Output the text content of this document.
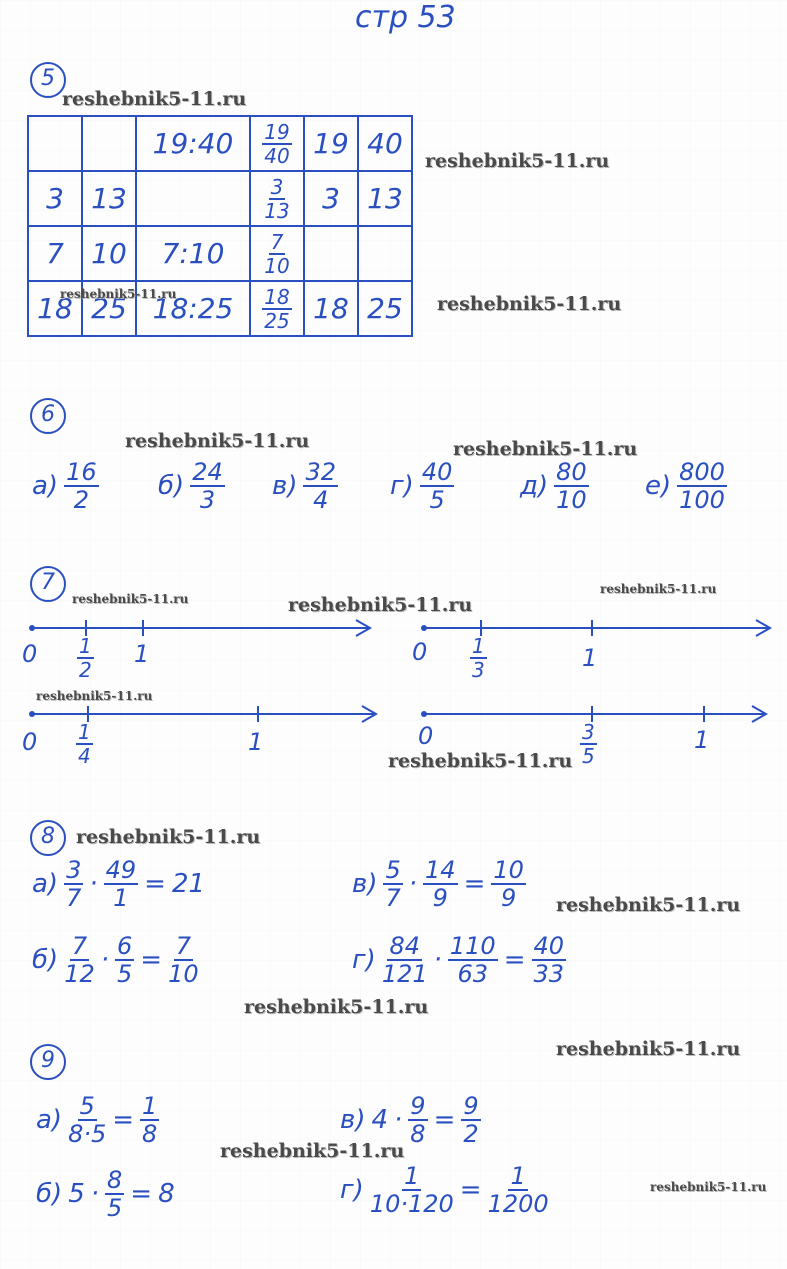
стр 53
5
reshebnik5-11.ru
		19:40	$\frac{19}{40}$	19	40
3	13		$\frac{3}{13}$	3	13
7	10	7:10	$\frac{7}{10}$

18	25	18:25	$\frac{18}{25}$	18	25
reshebnik5-11.ru
reshebnik5-11.ru	reshebnik5-11.ru
6
reshebnik5-11.ru	reshebnik5-11.ru
$а) \frac{16}{2} б) \frac{24}{3} в) \frac{32}{4} г) \frac{40}{5}$	$д) \frac{80}{10} е) \frac{800}{100}$
7
reshebnik5-11.ru	reshebnik5-11.ru
reshebnik5-11.ru
reshebnik5-11.ru
reshebnik5-11.ru
$0 \frac{1}{2} 1$	$0 \frac{1}{3}$	1
$0 \frac{1}{4}$	1	0	$\frac{3}{5}$	1
8	reshebnik5-11.ru
$а) \frac{3}{7} \cdot \frac{49}{1} = 21$	$в) \frac{5}{7} \cdot \frac{14}{9} = \frac{10}{9}$ reshebnik5-11.ru
$б) \frac{7}{12} \cdot \frac{6}{5} = \frac{7}{10}$	$г) \frac{84}{121} \cdot \frac{110}{63} = \frac{40}{33}$
reshebnik5-11.ru
9	reshebnik5-11.ru
$а) \frac{5}{8\cdot 5} = \frac{1}{8}$	в) $4 \cdot \frac{9}{8} = \frac{9}{2}$
reshebnik5-11.ru
б) $5 \cdot \frac{8}{5} = 8$	$г) \frac{1}{10\cdot 120} = \frac{1}{1200}$	reshebnik5-11.ru
